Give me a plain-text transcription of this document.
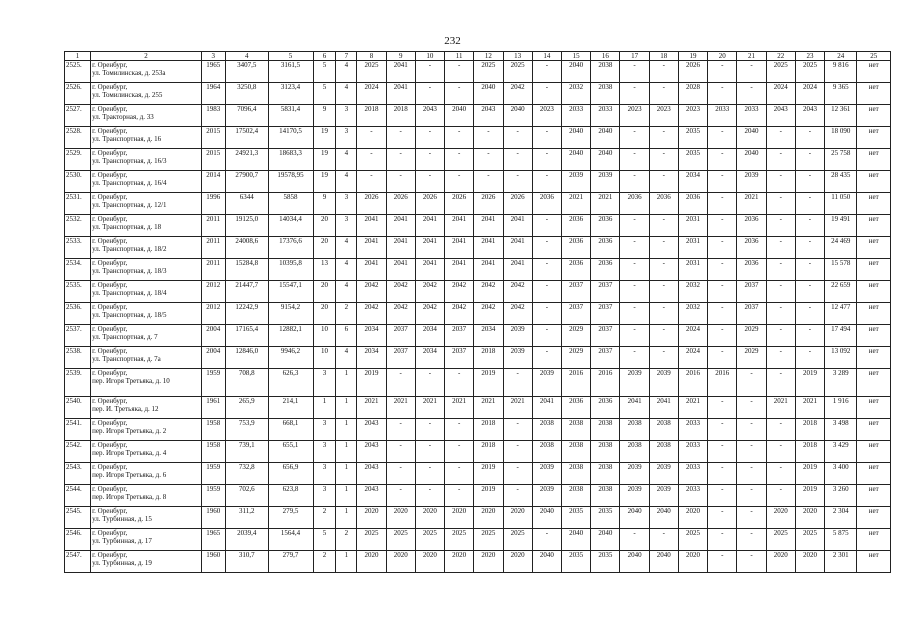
232
1	2	3	4	5	6	7	8	9	10	11	12	13	14	15	16	17	18	19	20	21	22	23	24	25
2525.	г. Оренбург,
ул. Томилинская, д. 253а	1965	3407,5	3161,5	5	4	2025	2041	-	-	2025	2025	-	2040	2038	-	-	2026	-	-	2025	2025	9 816	нет
2526.	г. Оренбург,
ул. Томилинская, д. 255	1964	3250,8	3123,4	5	4	2024	2041	-	-	2040	2042	-	2032	2038	-	-	2028	-	-	2024	2024	9 365	нет
2527.	г. Оренбург,
ул. Тракторная, д. 33	1983	7096,4	5831,4	9	3	2018	2018	2043	2040	2043	2040	2023	2033	2033	2023	2023	2023	2033	2033	2043	2043	12 361	нет
2528.	г. Оренбург,
ул. Транспортная, д. 16	2015	17502,4	14170,5	19	3	-	-	-	-	-	-	-	2040	2040	-	-	2035	-	2040	-	-	18 090	нет
2529.	г. Оренбург,
ул. Транспортная, д. 16/3	2015	24921,3	18683,3	19	4	-	-	-	-	-	-	-	2040	2040	-	-	2035	-	2040	-	-	25 758	нет
2530.	г. Оренбург,
ул. Транспортная, д. 16/4	2014	27900,7	19578,95	19	4	-	-	-	-	-	-	-	2039	2039	-	-	2034	-	2039	-	-	28 435	нет
2531.	г. Оренбург,
ул. Транспортная, д. 12/1	1996	6344	5858	9	3	2026	2026	2026	2026	2026	2026	2036	2021	2021	2036	2036	2036	-	2021	-	-	11 050	нет
2532.	г. Оренбург,
ул. Транспортная, д. 18	2011	19125,0	14034,4	20	3	2041	2041	2041	2041	2041	2041	-	2036	2036	-	-	2031	-	2036	-	-	19 491	нет
2533.	г. Оренбург,
ул. Транспортная, д. 18/2	2011	24008,6	17376,6	20	4	2041	2041	2041	2041	2041	2041	-	2036	2036	-	-	2031	-	2036	-	-	24 469	нет
2534.	г. Оренбург,
ул. Транспортная, д. 18/3	2011	15284,8	10395,8	13	4	2041	2041	2041	2041	2041	2041	-	2036	2036	-	-	2031	-	2036	-	-	15 578	нет
2535.	г. Оренбург,
ул. Транспортная, д. 18/4	2012	21447,7	15547,1	20	4	2042	2042	2042	2042	2042	2042	-	2037	2037	-	-	2032	-	2037	-	-	22 659	нет
2536.	г. Оренбург,
ул. Транспортная, д. 18/5	2012	12242,9	9154,2	20	2	2042	2042	2042	2042	2042	2042	-	2037	2037	-	-	2032	-	2037	-	-	12 477	нет
2537.	г. Оренбург,
ул. Транспортная, д. 7	2004	17165,4	12882,1	10	6	2034	2037	2034	2037	2034	2039	-	2029	2037	-	-	2024	-	2029	-	-	17 494	нет
2538.	г. Оренбург,
ул. Транспортная, д. 7а	2004	12846,0	9946,2	10	4	2034	2037	2034	2037	2018	2039	-	2029	2037	-	-	2024	-	2029	-	-	13 092	нет
2539.	г. Оренбург,
пер. Игоря Третьяка, д. 10	1959	708,8	626,3	3	1	2019	-	-	-	2019	-	2039	2016	2016	2039	2039	2016	2016	-	-	2019	3 289	нет
2540.	г. Оренбург,
пер. И. Третьяка, д. 12	1961	265,9	214,1	1	1	2021	2021	2021	2021	2021	2021	2041	2036	2036	2041	2041	2021	-	-	2021	2021	1 916	нет
2541.	г. Оренбург,
пер. Игоря Третьяка, д. 2	1958	753,9	668,1	3	1	2043	-	-	-	2018	-	2038	2038	2038	2038	2038	2033	-	-	-	2018	3 498	нет
2542.	г. Оренбург,
пер. Игоря Третьяка, д. 4	1958	739,1	655,1	3	1	2043	-	-	-	2018	-	2038	2038	2038	2038	2038	2033	-	-	-	2018	3 429	нет
2543.	г. Оренбург,
пер. Игоря Третьяка, д. 6	1959	732,8	656,9	3	1	2043	-	-	-	2019	-	2039	2038	2038	2039	2039	2033	-	-	-	2019	3 400	нет
2544.	г. Оренбург,
пер. Игоря Третьяка, д. 8	1959	702,6	623,8	3	1	2043	-	-	-	2019	-	2039	2038	2038	2039	2039	2033	-	-	-	2019	3 260	нет
2545.	г. Оренбург,
ул. Турбинная, д. 15	1960	311,2	279,5	2	1	2020	2020	2020	2020	2020	2020	2040	2035	2035	2040	2040	2020	-	-	2020	2020	2 304	нет
2546.	г. Оренбург,
ул. Турбинная, д. 17	1965	2039,4	1564,4	5	2	2025	2025	2025	2025	2025	2025	-	2040	2040	-	-	2025	-	-	2025	2025	5 875	нет
2547.	г. Оренбург,
ул. Турбинная, д. 19	1960	310,7	279,7	2	1	2020	2020	2020	2020	2020	2020	2040	2035	2035	2040	2040	2020	-	-	2020	2020	2 301	нет
